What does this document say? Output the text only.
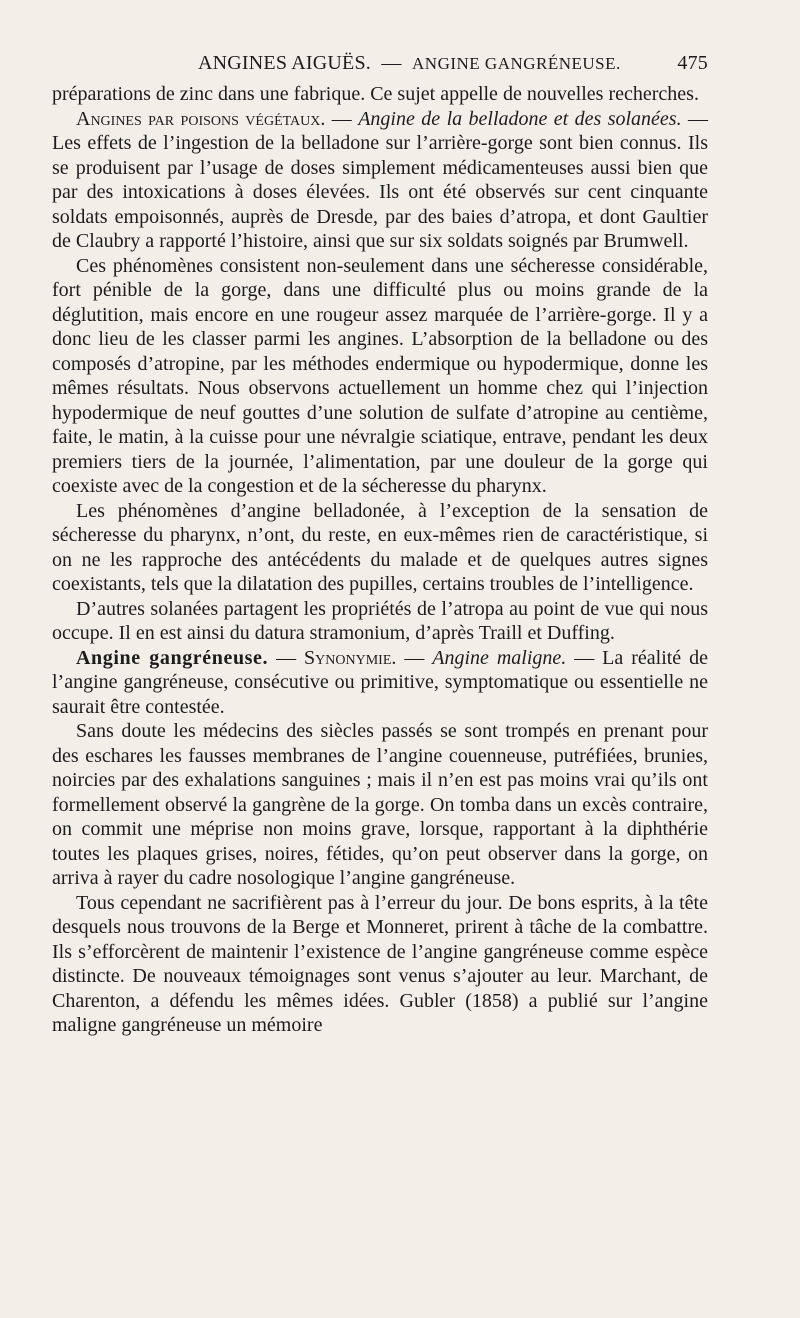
ANGINES AIGUËS. — ANGINE GANGRÉNEUSE.	475

préparations de zinc dans une fabrique. Ce sujet appelle de nouvelles recherches.

Angines par poisons végétaux. — Angine de la belladone et des solanées. — Les effets de l’ingestion de la belladone sur l’arrière-gorge sont bien connus. Ils se produisent par l’usage de doses simplement médicamenteuses aussi bien que par des intoxications à doses élevées. Ils ont été observés sur cent cinquante soldats empoisonnés, auprès de Dresde, par des baies d’atropa, et dont Gaultier de Claubry a rapporté l’histoire, ainsi que sur six soldats soignés par Brumwell.

Ces phénomènes consistent non-seulement dans une sécheresse considérable, fort pénible de la gorge, dans une difficulté plus ou moins grande de la déglutition, mais encore en une rougeur assez marquée de l’arrière-gorge. Il y a donc lieu de les classer parmi les angines. L’absorption de la belladone ou des composés d’atropine, par les méthodes endermique ou hypodermique, donne les mêmes résultats. Nous observons actuellement un homme chez qui l’injection hypodermique de neuf gouttes d’une solution de sulfate d’atropine au centième, faite, le matin, à la cuisse pour une névralgie sciatique, entrave, pendant les deux premiers tiers de la journée, l’alimentation, par une douleur de la gorge qui coexiste avec de la congestion et de la sécheresse du pharynx.

Les phénomènes d’angine belladonée, à l’exception de la sensation de sécheresse du pharynx, n’ont, du reste, en eux-mêmes rien de caractéristique, si on ne les rapproche des antécédents du malade et de quelques autres signes coexistants, tels que la dilatation des pupilles, certains troubles de l’intelligence.

D’autres solanées partagent les propriétés de l’atropa au point de vue qui nous occupe. Il en est ainsi du datura stramonium, d’après Traill et Duffing.

Angine gangréneuse. — Synonymie. — Angine maligne. — La réalité de l’angine gangréneuse, consécutive ou primitive, symptomatique ou essentielle ne saurait être contestée.

Sans doute les médecins des siècles passés se sont trompés en prenant pour des eschares les fausses membranes de l’angine couenneuse, putréfiées, brunies, noircies par des exhalations sanguines ; mais il n’en est pas moins vrai qu’ils ont formellement observé la gangrène de la gorge. On tomba dans un excès contraire, on commit une méprise non moins grave, lorsque, rapportant à la diphthérie toutes les plaques grises, noires, fétides, qu’on peut observer dans la gorge, on arriva à rayer du cadre nosologique l’angine gangréneuse.

Tous cependant ne sacrifièrent pas à l’erreur du jour. De bons esprits, à la tête desquels nous trouvons de la Berge et Monneret, prirent à tâche de la combattre. Ils s’efforcèrent de maintenir l’existence de l’angine gangréneuse comme espèce distincte. De nouveaux témoignages sont venus s’ajouter au leur. Marchant, de Charenton, a défendu les mêmes idées. Gubler (1858) a publié sur l’angine maligne gangréneuse un mémoire
